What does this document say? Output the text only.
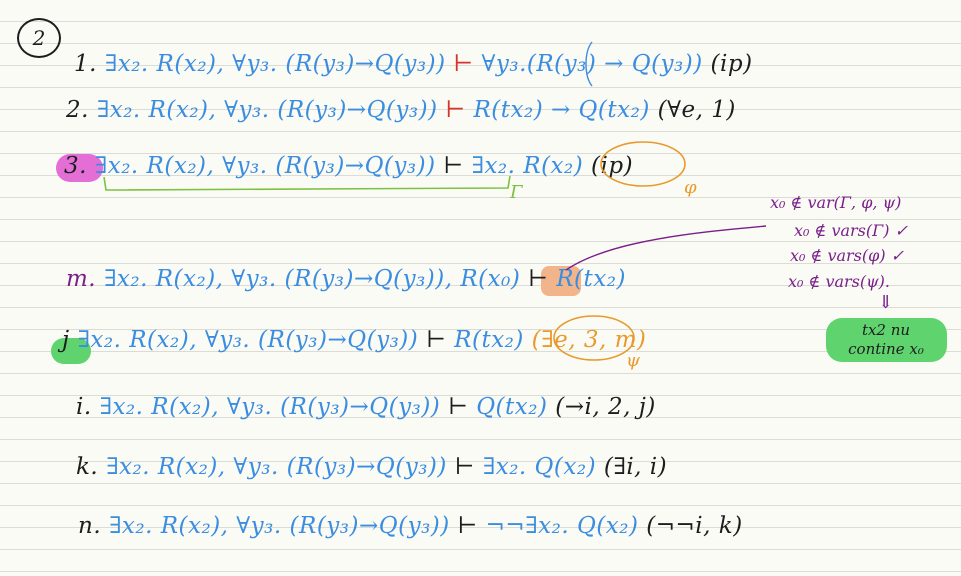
2
1. ∃x₂. R(x₂), ∀y₃. (R(y₃)→Q(y₃)) ⊢ ∀y₃.(R(y₃) → Q(y₃)) (ip)
2. ∃x₂. R(x₂), ∀y₃. (R(y₃)→Q(y₃)) ⊢ R(tx₂) → Q(tx₂) (∀e, 1)
3. ∃x₂. R(x₂), ∀y₃. (R(y₃)→Q(y₃)) ⊢ ∃x₂. R(x₂) (ip)
φ
Γ
m. ∃x₂. R(x₂), ∀y₃. (R(y₃)→Q(y₃)), R(x₀) ⊢ R(tx₂)
j ∃x₂. R(x₂), ∀y₃. (R(y₃)→Q(y₃)) ⊢ R(tx₂) (∃e, 3, m)
ψ
i. ∃x₂. R(x₂), ∀y₃. (R(y₃)→Q(y₃)) ⊢ Q(tx₂) (→i, 2, j)
k. ∃x₂. R(x₂), ∀y₃. (R(y₃)→Q(y₃)) ⊢ ∃x₂. Q(x₂) (∃i, i)
n. ∃x₂. R(x₂), ∀y₃. (R(y₃)→Q(y₃)) ⊢ ¬¬∃x₂. Q(x₂) (¬¬i, k)
x₀ ∉ var(Γ, φ, ψ)
x₀ ∉ vars(Γ) ✓
x₀ ∉ vars(φ) ✓
x₀ ∉ vars(ψ).
⇓
tx2 nu
contine x₀
